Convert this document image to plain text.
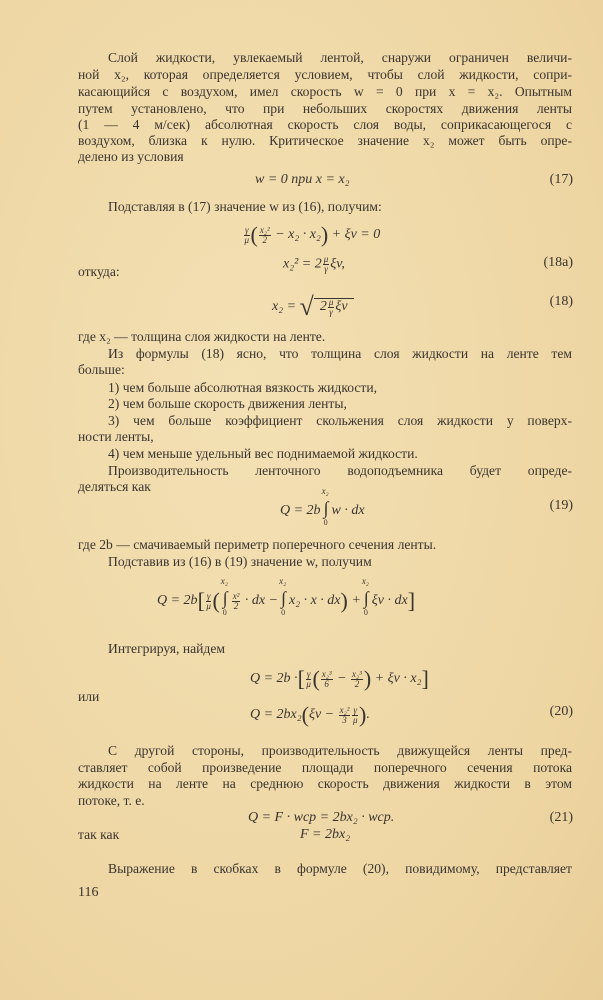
Слой жидкости, увлекаемый лентой, снаружи ограничен величи-
ной x₂, которая определяется условием, чтобы слой жидкости, сопри-
касающийся с воздухом, имел скорость w = 0 при x = x₂. Опытным
путем установлено, что при небольших скоростях движения ленты
(1 — 4 м/сек) абсолютная скорость слоя воды, соприкасающегося с
воздухом, близка к нулю. Критическое значение x₂ может быть опре-
делено из условия
w = 0 при x = x₂	(17)
Подставляя в (17) значение w из (16), получим:
$\frac{\gamma}{\mu}$ ( $\frac{\text{x₂²}}{2} - x_2 \cdot x_2) + \xi v = 0$
откуда:	$x_2^2 = 2 \frac{\mu}{\gamma} \xi v$,	(18а)
x₂ = √ $2 \frac{\mu}{\gamma}$ ξv	(18)
где x₂ — толщина слоя жидкости на ленте.
Из формулы (18) ясно, что толщина слоя жидкости на ленте тем
больше:
1) чем больше абсолютная вязкость жидкости,
2) чем больше скорость движения ленты,
3) чем больше коэффициент скольжения слоя жидкости у поверх-
ности ленты,
4) чем меньше удельный вес поднимаемой жидкости.
Производительность ленточного водоподъемника будет опреде-
деляться как
Q = 2b ∫
x₂
0
w · dx	(19)
где 2b — смачиваемый периметр поперечного сечения ленты.
Подставив из (16) в (19) значение w, получим
$Q = 2b[ \frac{\gamma}{\mu}$ ( ∫
x₂
0
$\frac{\text{x²}}{2}$ · dx − ∫
x₂
0
x₂ · x · dx) + ∫
x₂
0
ξv · dx]
Интегрируя, найдем
Q = 2b ·[ $\frac{\gamma}{\mu}$ ( $\frac{\text{x₂³}}{6} - \frac{\text{x₂³}}{2}$ ) + ξv · x₂]
или
$Q = 2bx_2(\xi v - \frac{\text{x₂²}}{3} \frac{\gamma}{\mu}$ ).	(20)
С другой стороны, производительность движущейся ленты пред-
ставляет собой произведение площади поперечного сечения потока
жидкости на ленте на среднюю скорость движения жидкости в этом
потоке, т. е.
Q = F · wср = 2bx₂ · wср.	(21)
так как	F = 2bx₂
Выражение в скобках в формуле (20), повидимому, представляет
116
